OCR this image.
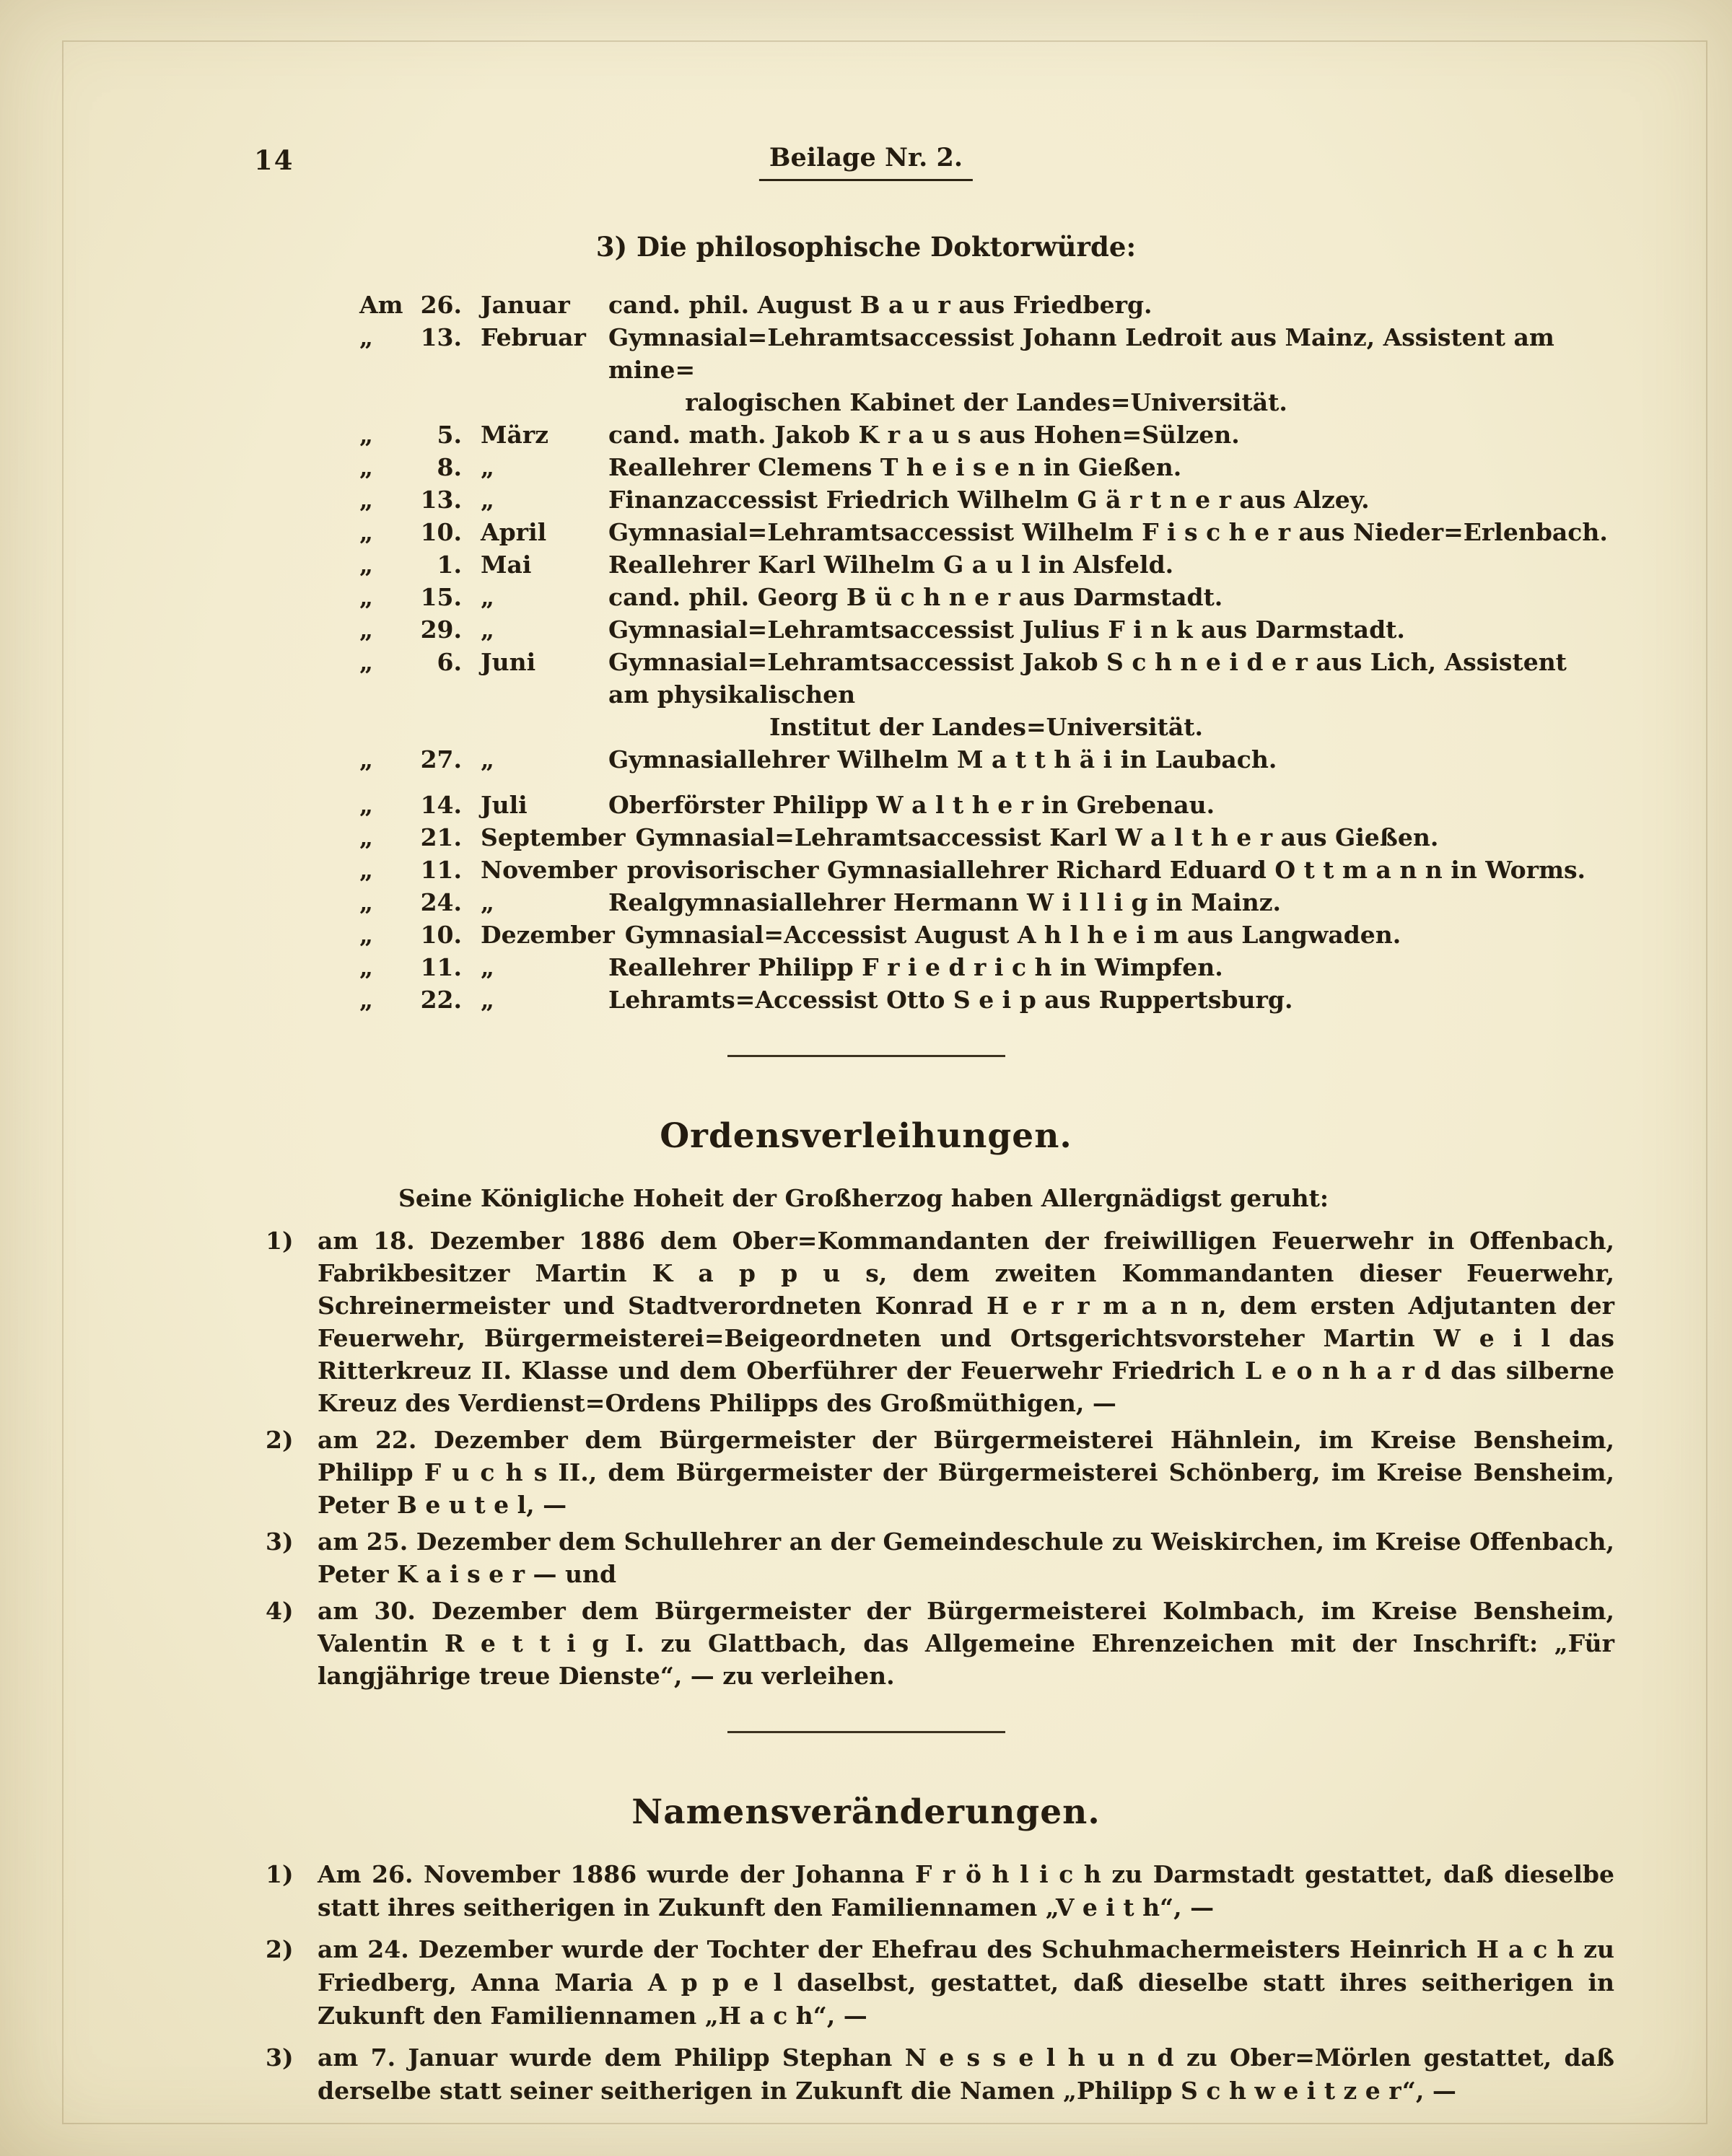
14	Beilage Nr. 2.
3) Die philosophische Doktorwürde:
Am 26. Januar	cand. phil. August B a u r aus Friedberg.
„	13. Februar Gymnasial=Lehramtsaccessist Johann Ledroit aus Mainz, Assistent am mine=
ralogischen Kabinet der Landes=Universität.
„	5. März	cand. math. Jakob K r a u s aus Hohen=Sülzen.
„	8. „	Reallehrer Clemens T h e i s e n in Gießen.
„	13. „	Finanzaccessist Friedrich Wilhelm G ä r t n e r aus Alzey.
„	10. April	Gymnasial=Lehramtsaccessist Wilhelm F i s c h e r aus Nieder=Erlenbach.
„	1. Mai	Reallehrer Karl Wilhelm G a u l in Alsfeld.
„	15. „	cand. phil. Georg B ü c h n e r aus Darmstadt.
„	29. „	Gymnasial=Lehramtsaccessist Julius F i n k aus Darmstadt.
„	6. Juni	Gymnasial=Lehramtsaccessist Jakob S c h n e i d e r aus Lich, Assistent am physikalischen
Institut der Landes=Universität.
„	27. „	Gymnasiallehrer Wilhelm M a t t h ä i in Laubach.
„	14. Juli	Oberförster Philipp W a l t h e r in Grebenau.
„	21. September Gymnasial=Lehramtsaccessist Karl W a l t h e r aus Gießen.
„	11. November provisorischer Gymnasiallehrer Richard Eduard O t t m a n n in Worms.
„	24. „	Realgymnasiallehrer Hermann W i l l i g in Mainz.
„	10. Dezember Gymnasial=Accessist August A h l h e i m aus Langwaden.
„	11. „	Reallehrer Philipp F r i e d r i c h in Wimpfen.
„	22. „	Lehramts=Accessist Otto S e i p aus Ruppertsburg.
Ordensverleihungen.

Seine Königliche Hoheit der Großherzog haben Allergnädigst geruht:

1)	am 18. Dezember 1886 dem Ober=Kommandanten der freiwilligen Feuerwehr in Offenbach, Fabrikbesitzer Martin K a p p u s, dem zweiten Kommandanten dieser Feuerwehr, Schreinermeister und Stadtverordneten Konrad H e r r m a n n, dem ersten Adjutanten der Feuerwehr, Bürgermeisterei=Beigeordneten und Ortsgerichtsvorsteher Martin W e i l das Ritterkreuz II. Klasse und dem Oberführer der Feuerwehr Friedrich L e o n h a r d das silberne Kreuz des Verdienst=Ordens Philipps des Großmüthigen, —
2)	am 22. Dezember dem Bürgermeister der Bürgermeisterei Hähnlein, im Kreise Bensheim, Philipp F u c h s II., dem Bürgermeister der Bürgermeisterei Schönberg, im Kreise Bensheim, Peter B e u t e l, —
3)	am 25. Dezember dem Schullehrer an der Gemeindeschule zu Weiskirchen, im Kreise Offenbach, Peter K a i s e r — und
4)	am 30. Dezember dem Bürgermeister der Bürgermeisterei Kolmbach, im Kreise Bensheim, Valentin R e t t i g I. zu Glattbach, das Allgemeine Ehrenzeichen mit der Inschrift: „Für langjährige treue Dienste“, — zu verleihen.
Namensveränderungen.
1)	Am 26. November 1886 wurde der Johanna F r ö h l i c h zu Darmstadt gestattet, daß dieselbe statt ihres seitherigen in Zukunft den Familiennamen „V e i t h“, —
2)	am 24. Dezember wurde der Tochter der Ehefrau des Schuhmachermeisters Heinrich H a c h zu Friedberg, Anna Maria A p p e l daselbst, gestattet, daß dieselbe statt ihres seitherigen in Zukunft den Familiennamen „H a c h“, —
3)	am 7. Januar wurde dem Philipp Stephan N e s s e l h u n d zu Ober=Mörlen gestattet, daß derselbe statt seiner seitherigen in Zukunft die Namen „Philipp S c h w e i t z e r“, —
